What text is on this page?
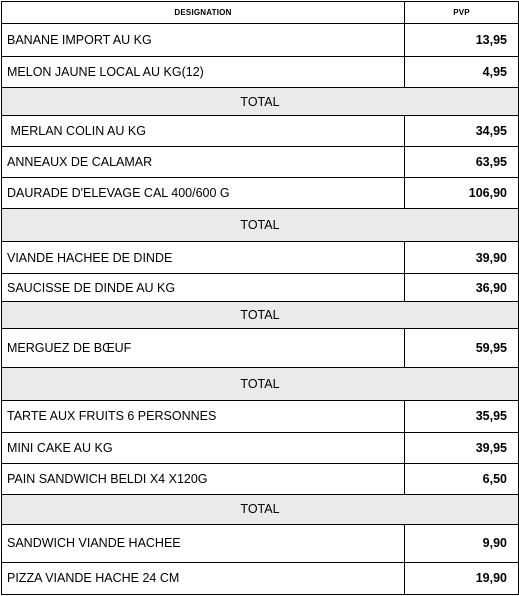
DESIGNATION	PVP
BANANE IMPORT AU KG	13,95
MELON JAUNE LOCAL AU KG(12)	4,95
TOTAL	
MERLAN COLIN AU KG	34,95
ANNEAUX DE CALAMAR	63,95
DAURADE D'ELEVAGE CAL 400/600 G	106,90
TOTAL	
VIANDE HACHEE DE DINDE	39,90
SAUCISSE DE DINDE AU KG	36,90
TOTAL	
MERGUEZ DE BŒUF	59,95
TOTAL	
TARTE AUX FRUITS 6 PERSONNES	35,95
MINI CAKE AU KG	39,95
PAIN SANDWICH BELDI X4 X120G	6,50
TOTAL	
SANDWICH VIANDE HACHEE	9,90
PIZZA VIANDE HACHE 24 CM	19,90
